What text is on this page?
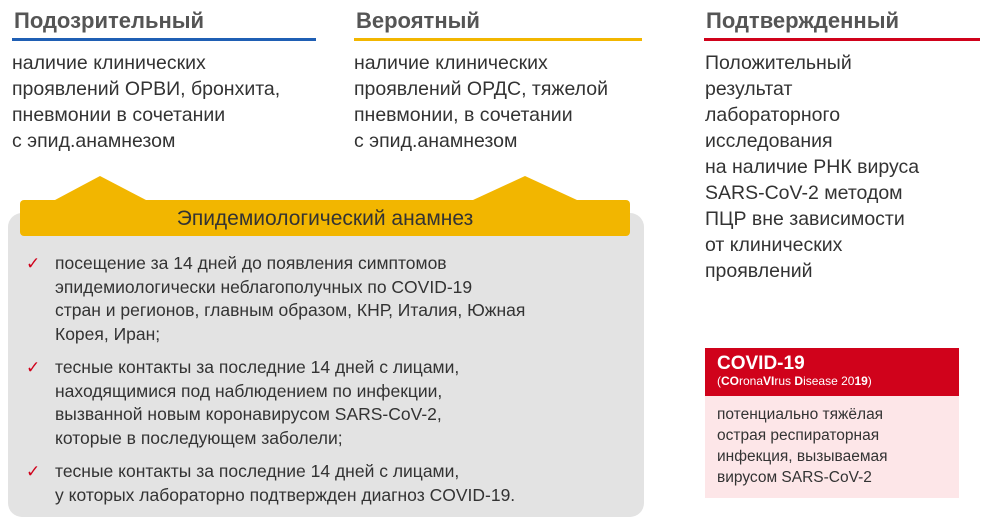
Подозрительный
наличие клинических
проявлений ОРВИ, бронхита,
пневмонии в сочетании
с эпид.анамнезом
Вероятный
наличие клинических
проявлений ОРДС, тяжелой
пневмонии, в сочетании
с эпид.анамнезом
Подтвержденный
Положительный
результат
лабораторного
исследования
на наличие РНК вируса
SARS-CoV-2 методом
ПЦР вне зависимости
от клинических
проявлений
Эпидемиологический анамнез
✓ посещение за 14 дней до появления симптомов
эпидемиологически неблагополучных по COVID-19
стран и регионов, главным образом, КНР, Италия, Южная
Корея, Иран;
✓ тесные контакты за последние 14 дней с лицами,
находящимися под наблюдением по инфекции,
вызванной новым коронавирусом SARS-CoV-2,
которые в последующем заболели;
✓ тесные контакты за последние 14 дней с лицами,
у которых лабораторно подтвержден диагноз COVID-19.
COVID-19
(COronaVIrus Disease 2019)
потенциально тяжёлая
острая респираторная
инфекция, вызываемая
вирусом SARS-CoV-2
